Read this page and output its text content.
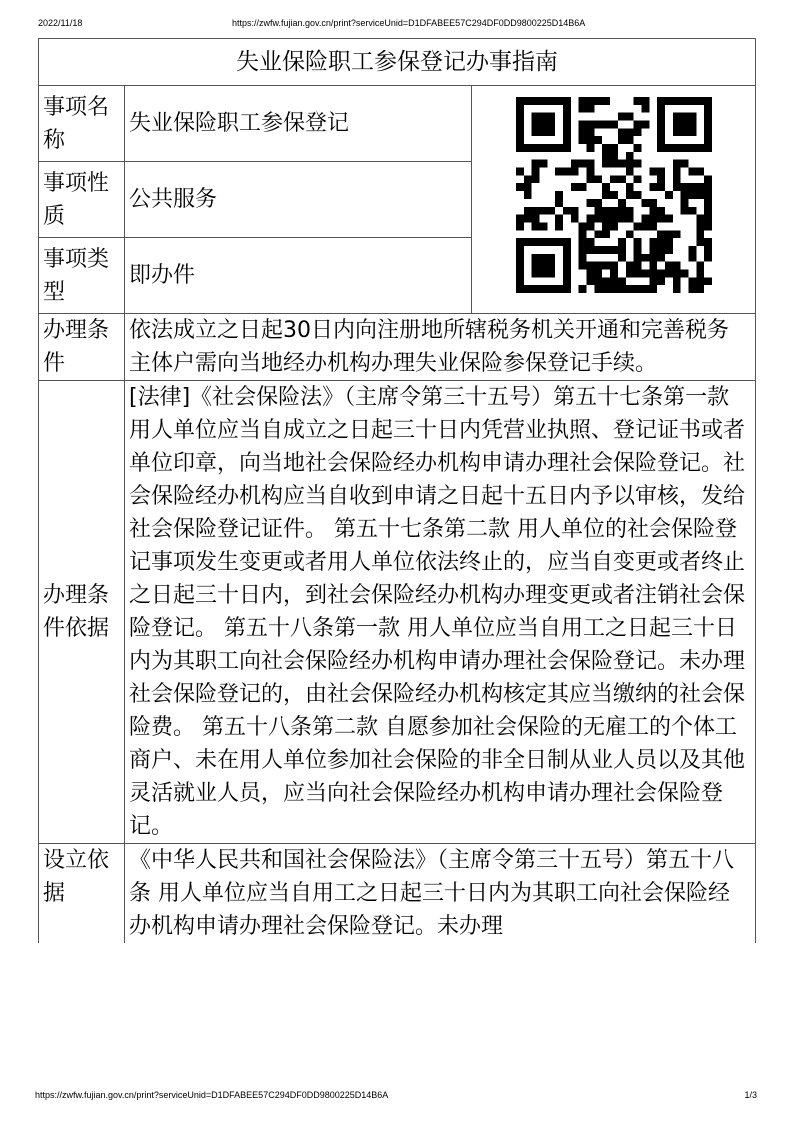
2022/11/18	https://zwfw.fujian.gov.cn/print?serviceUnid=D1DFABEE57C294DF0DD9800225D14B6A
失业保险职工参保登记办事指南		
事项名称	失业保险职工参保登记	

事项性质	公共服务	
事项类型	即办件	
办理条件	依法成立之日起30日内向注册地所辖税务机关开通和完善税务主体户需向当地经办机构办理失业保险参保登记手续。	
办理条件依据	[法律]《社会保险法》（主席令第三十五号）第五十七条第一款 用人单位应当自成立之日起三十日内凭营业执照、登记证书或者单位印章，向当地社会保险经办机构申请办理社会保险登记。社会保险经办机构应当自收到申请之日起十五日内予以审核，发给社会保险登记证件。 第五十七条第二款 用人单位的社会保险登记事项发生变更或者用人单位依法终止的，应当自变更或者终止之日起三十日内，到社会保险经办机构办理变更或者注销社会保险登记。 第五十八条第一款 用人单位应当自用工之日起三十日内为其职工向社会保险经办机构申请办理社会保险登记。未办理社会保险登记的，由社会保险经办机构核定其应当缴纳的社会保险费。 第五十八条第二款 自愿参加社会保险的无雇工的个体工商户、未在用人单位参加社会保险的非全日制从业人员以及其他灵活就业人员，应当向社会保险经办机构申请办理社会保险登记。	
设立依据	《中华人民共和国社会保险法》（主席令第三十五号）第五十八条 用人单位应当自用工之日起三十日内为其职工向社会保险经办机构申请办理社会保险登记。未办理	
https://zwfw.fujian.gov.cn/print?serviceUnid=D1DFABEE57C294DF0DD9800225D14B6A	1/3
